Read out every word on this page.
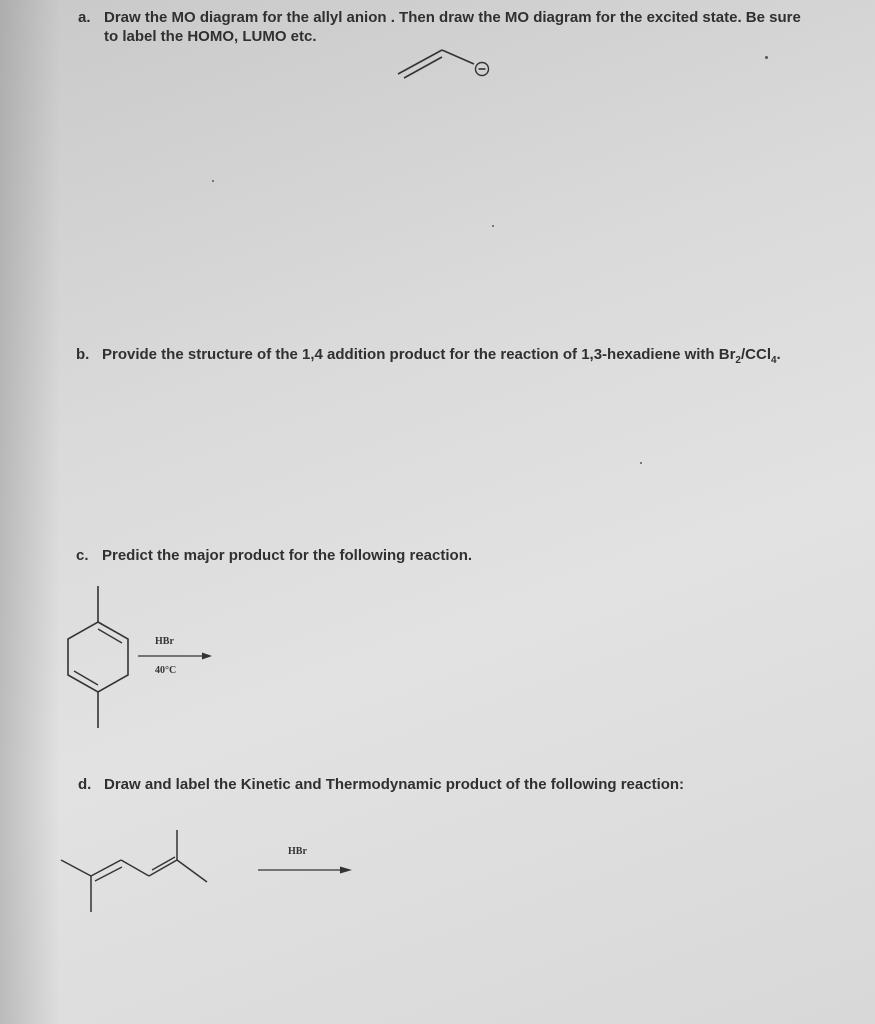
a. Draw the MO diagram for the allyl anion . Then draw the MO diagram for the excited state. Be sure
to label the HOMO, LUMO etc.
b. Provide the structure of the 1,4 addition product for the reaction of 1,3-hexadiene with $Br_2/CCl_4$.
c. Predict the major product for the following reaction.
HBr
40°C
d. Draw and label the Kinetic and Thermodynamic product of the following reaction:
HBr
